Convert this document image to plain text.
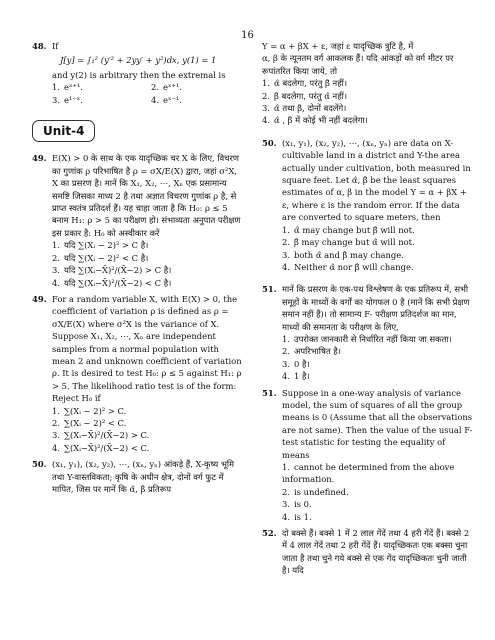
16
48. If
J[y] = ∫₁² (y′² + 2yy′ + y²)dx, y(1) = 1
and y(2) is arbitrary then the extremal is
1. eˣ⁺¹.	2. eˣ⁺¹.
3. e¹⁻ˣ.	4. eˣ⁻¹.
Unit-4
49. E(X) > 0 के साथ के एक यादृच्छिक चर X के लिए, विचरण का गुणांक ρ परिभाषित है ρ = σX/E(X) द्वारा, जहां σ²X, X का प्रसरण है। मानें कि X₁, X₂, ⋯, Xₙ एक प्रसामान्य समष्टि जिसका माध्य 2 है तथा अज्ञात विचरण गुणांक ρ है, से प्राप्त स्वतंत्र प्रतिदर्श हैं। यह चाहा जाता है कि H₀: ρ ≤ 5 बनाम H₁: ρ > 5 का परीक्षण हो। संभाव्यता अनुपात परीक्षण इस प्रकार है: H₀ को अस्वीकार करें
1. यदि ∑(Xᵢ − 2)² > C है।
2. यदि ∑(Xᵢ − 2)² < C है।
3. यदि ∑(Xᵢ−X̄)²/(X̄−2) > C है।
4. यदि ∑(Xᵢ−X̄)²/(X̄−2) < C है।
49. For a random variable X, with E(X) > 0, the coefficient of variation ρ is defined as ρ = σX/E(X) where σ²X is the variance of X. Suppose X₁, X₂, ⋯, Xₙ are independent samples from a normal population with mean 2 and unknown coefficient of variation ρ. It is desired to test H₀: ρ ≤ 5 against H₁: ρ > 5. The likelihood ratio test is of the form: Reject H₀ if
1. ∑(Xᵢ − 2)² > C.
2. ∑(Xᵢ − 2)² < C.
3. ∑(Xᵢ−X̄)²/(X̄−2) > C.
4. ∑(Xᵢ−X̄)²/(X̄−2) < C.
50. (x₁, y₁), (x₂, y₂), ⋯, (xₙ, yₙ) आंकड़े हैं, X-कृष्य भूमि तथा Y-वास्तविकता; कृषि के अधीन क्षेत्र, दोनों वर्ग फुट में मापित, जिस पर मानें कि α̂, β̂ प्रतिरूप
Y = α + βX + ε, जहां ε यादृच्छिक त्रुटि है, में
α, β के न्यूनतम वर्ग आकलक हैं। यदि आंकड़ों को वर्ग मीटर पर रूपांतरित किया जाये, तो
1. α̂ बदलेगा, परंतु β̂ नहीं।
2. β̂ बदलेगा, परंतु α̂ नहीं।
3. α̂ तथा β̂, दोनों बदलेंगे।
4. α̂ , β̂ में कोई भी नहीं बदलेगा।
50. (x₁, y₁), (x₂, y₂), ⋯, (xₙ, yₙ) are data on X-cultivable land in a district and Y-the area actually under cultivation, both measured in square feet. Let α̂, β̂ be the least squares estimates of α, β in the model Y = α + βX + ε, where ε is the random error. If the data are converted to square meters, then
1. α̂ may change but β̂ will not.
2. β̂ may change but α̂ will not.
3. both α̂ and β̂ may change.
4. Neither α̂ nor β̂ will change.
51. मानें कि प्रसरण के एक-पथ विश्लेषण के एक प्रतिरूप में, सभी समूहों के माध्यों के वर्गों का योगफल 0 है (मानें कि सभी प्रेक्षण समान नहीं हैं)। तो सामान्य F- परीक्षण प्रतिदर्शज का मान, माध्यों की समानता के परीक्षण के लिए,
1. उपरोक्त जानकारी से निर्धारित नहीं किया जा सकता।
2. अपरिभाषित है।
3. 0 है।
4. 1 है।
51. Suppose in a one-way analysis of variance model, the sum of squares of all the group means is 0 (Assume that all the observations are not same). Then the value of the usual F- test statistic for testing the equality of means
1. cannot be determined from the above information.
2. is undefined.
3. is 0.
4. is 1.
52. दो बक्से हैं। बक्से 1 में 2 लाल गेंदें तथा 4 हरी गेंदें हैं। बक्से 2 में 4 लाल गेंदें तथा 2 हरी गेंदें हैं। यादृच्छिकतः एक बक्सा चुना जाता है तथा चुने गये बक्से से एक गेंद यादृच्छिकतः चुनी जाती है। यदि
